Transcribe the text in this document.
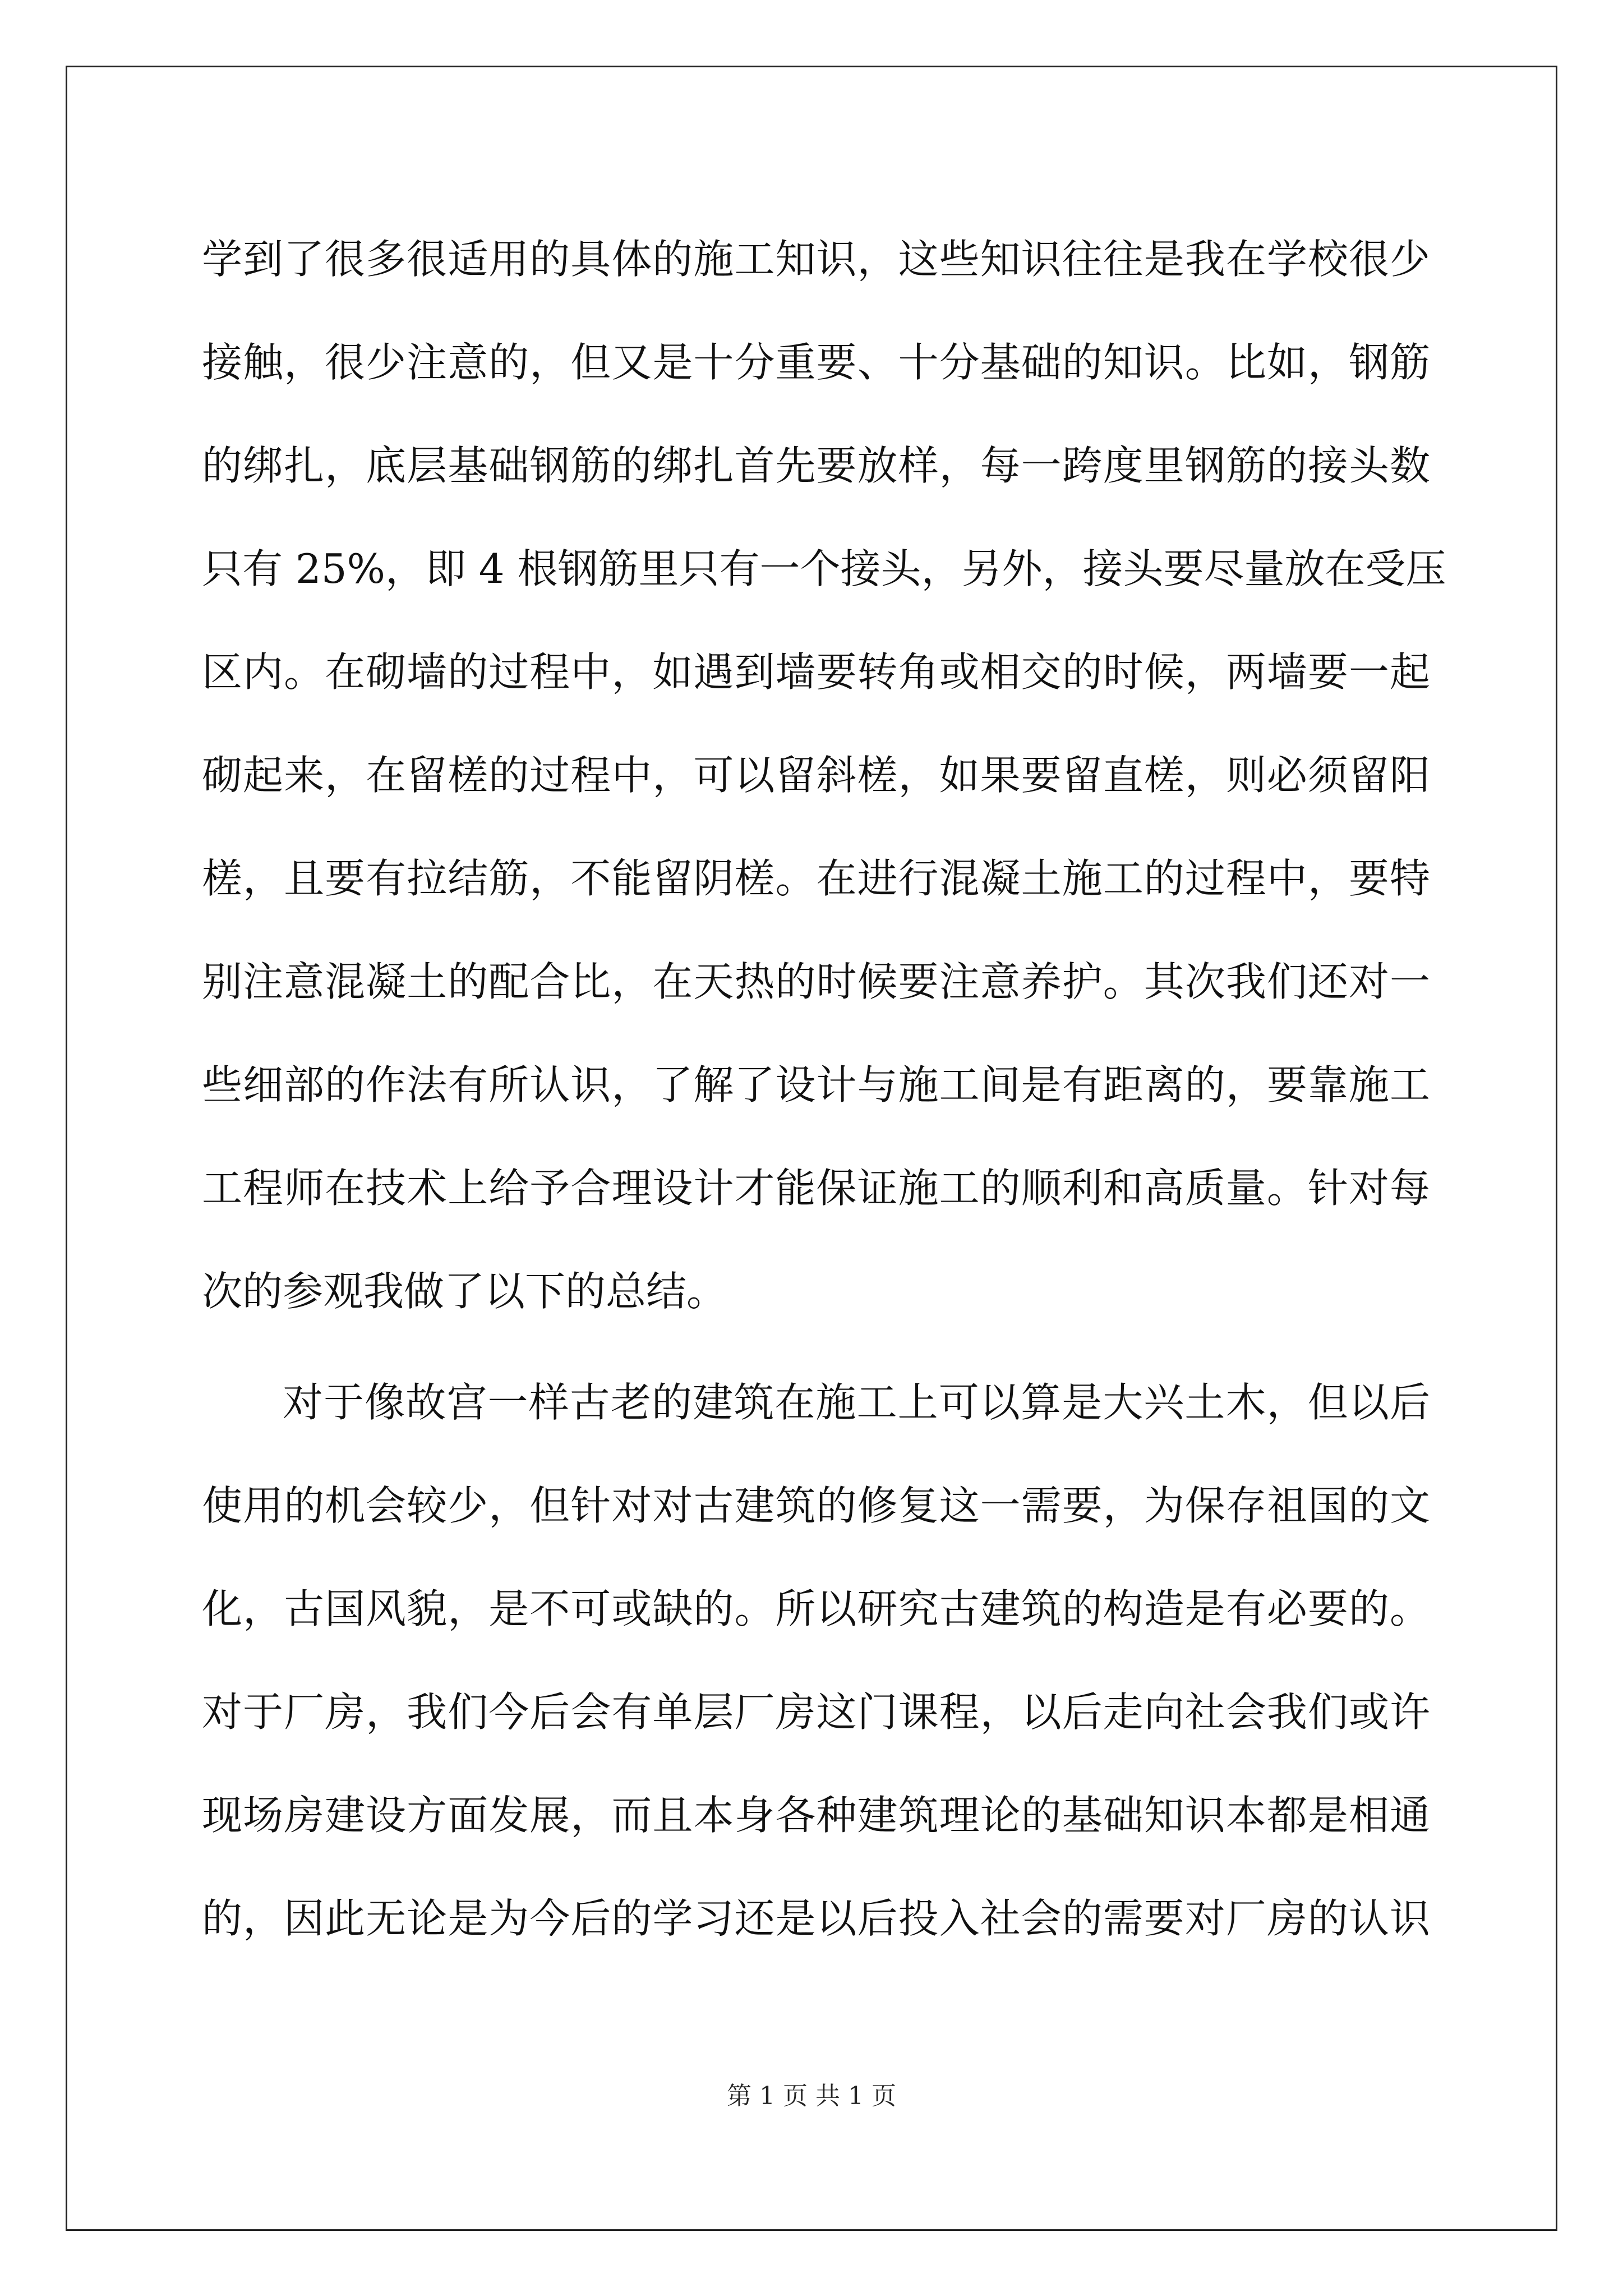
学到了很多很适用的具体的施工知识，这些知识往往是我在学校很少
接触，很少注意的，但又是十分重要、十分基础的知识。比如，钢筋
的绑扎，底层基础钢筋的绑扎首先要放样，每一跨度里钢筋的接头数
只有 25%，即 4 根钢筋里只有一个接头，另外，接头要尽量放在受压
区内。在砌墙的过程中，如遇到墙要转角或相交的时候，两墙要一起
砌起来，在留槎的过程中，可以留斜槎，如果要留直槎，则必须留阳
槎，且要有拉结筋，不能留阴槎。在进行混凝土施工的过程中，要特
别注意混凝土的配合比，在天热的时候要注意养护。其次我们还对一
些细部的作法有所认识，了解了设计与施工间是有距离的，要靠施工
工程师在技术上给予合理设计才能保证施工的顺利和高质量。针对每
次的参观我做了以下的总结。
对于像故宫一样古老的建筑在施工上可以算是大兴土木，但以后
使用的机会较少，但针对对古建筑的修复这一需要，为保存祖国的文
化，古国风貌，是不可或缺的。所以研究古建筑的构造是有必要的。
对于厂房，我们今后会有单层厂房这门课程，以后走向社会我们或许
现场房建设方面发展，而且本身各种建筑理论的基础知识本都是相通
的，因此无论是为今后的学习还是以后投入社会的需要对厂房的认识
第 1 页 共 1 页
